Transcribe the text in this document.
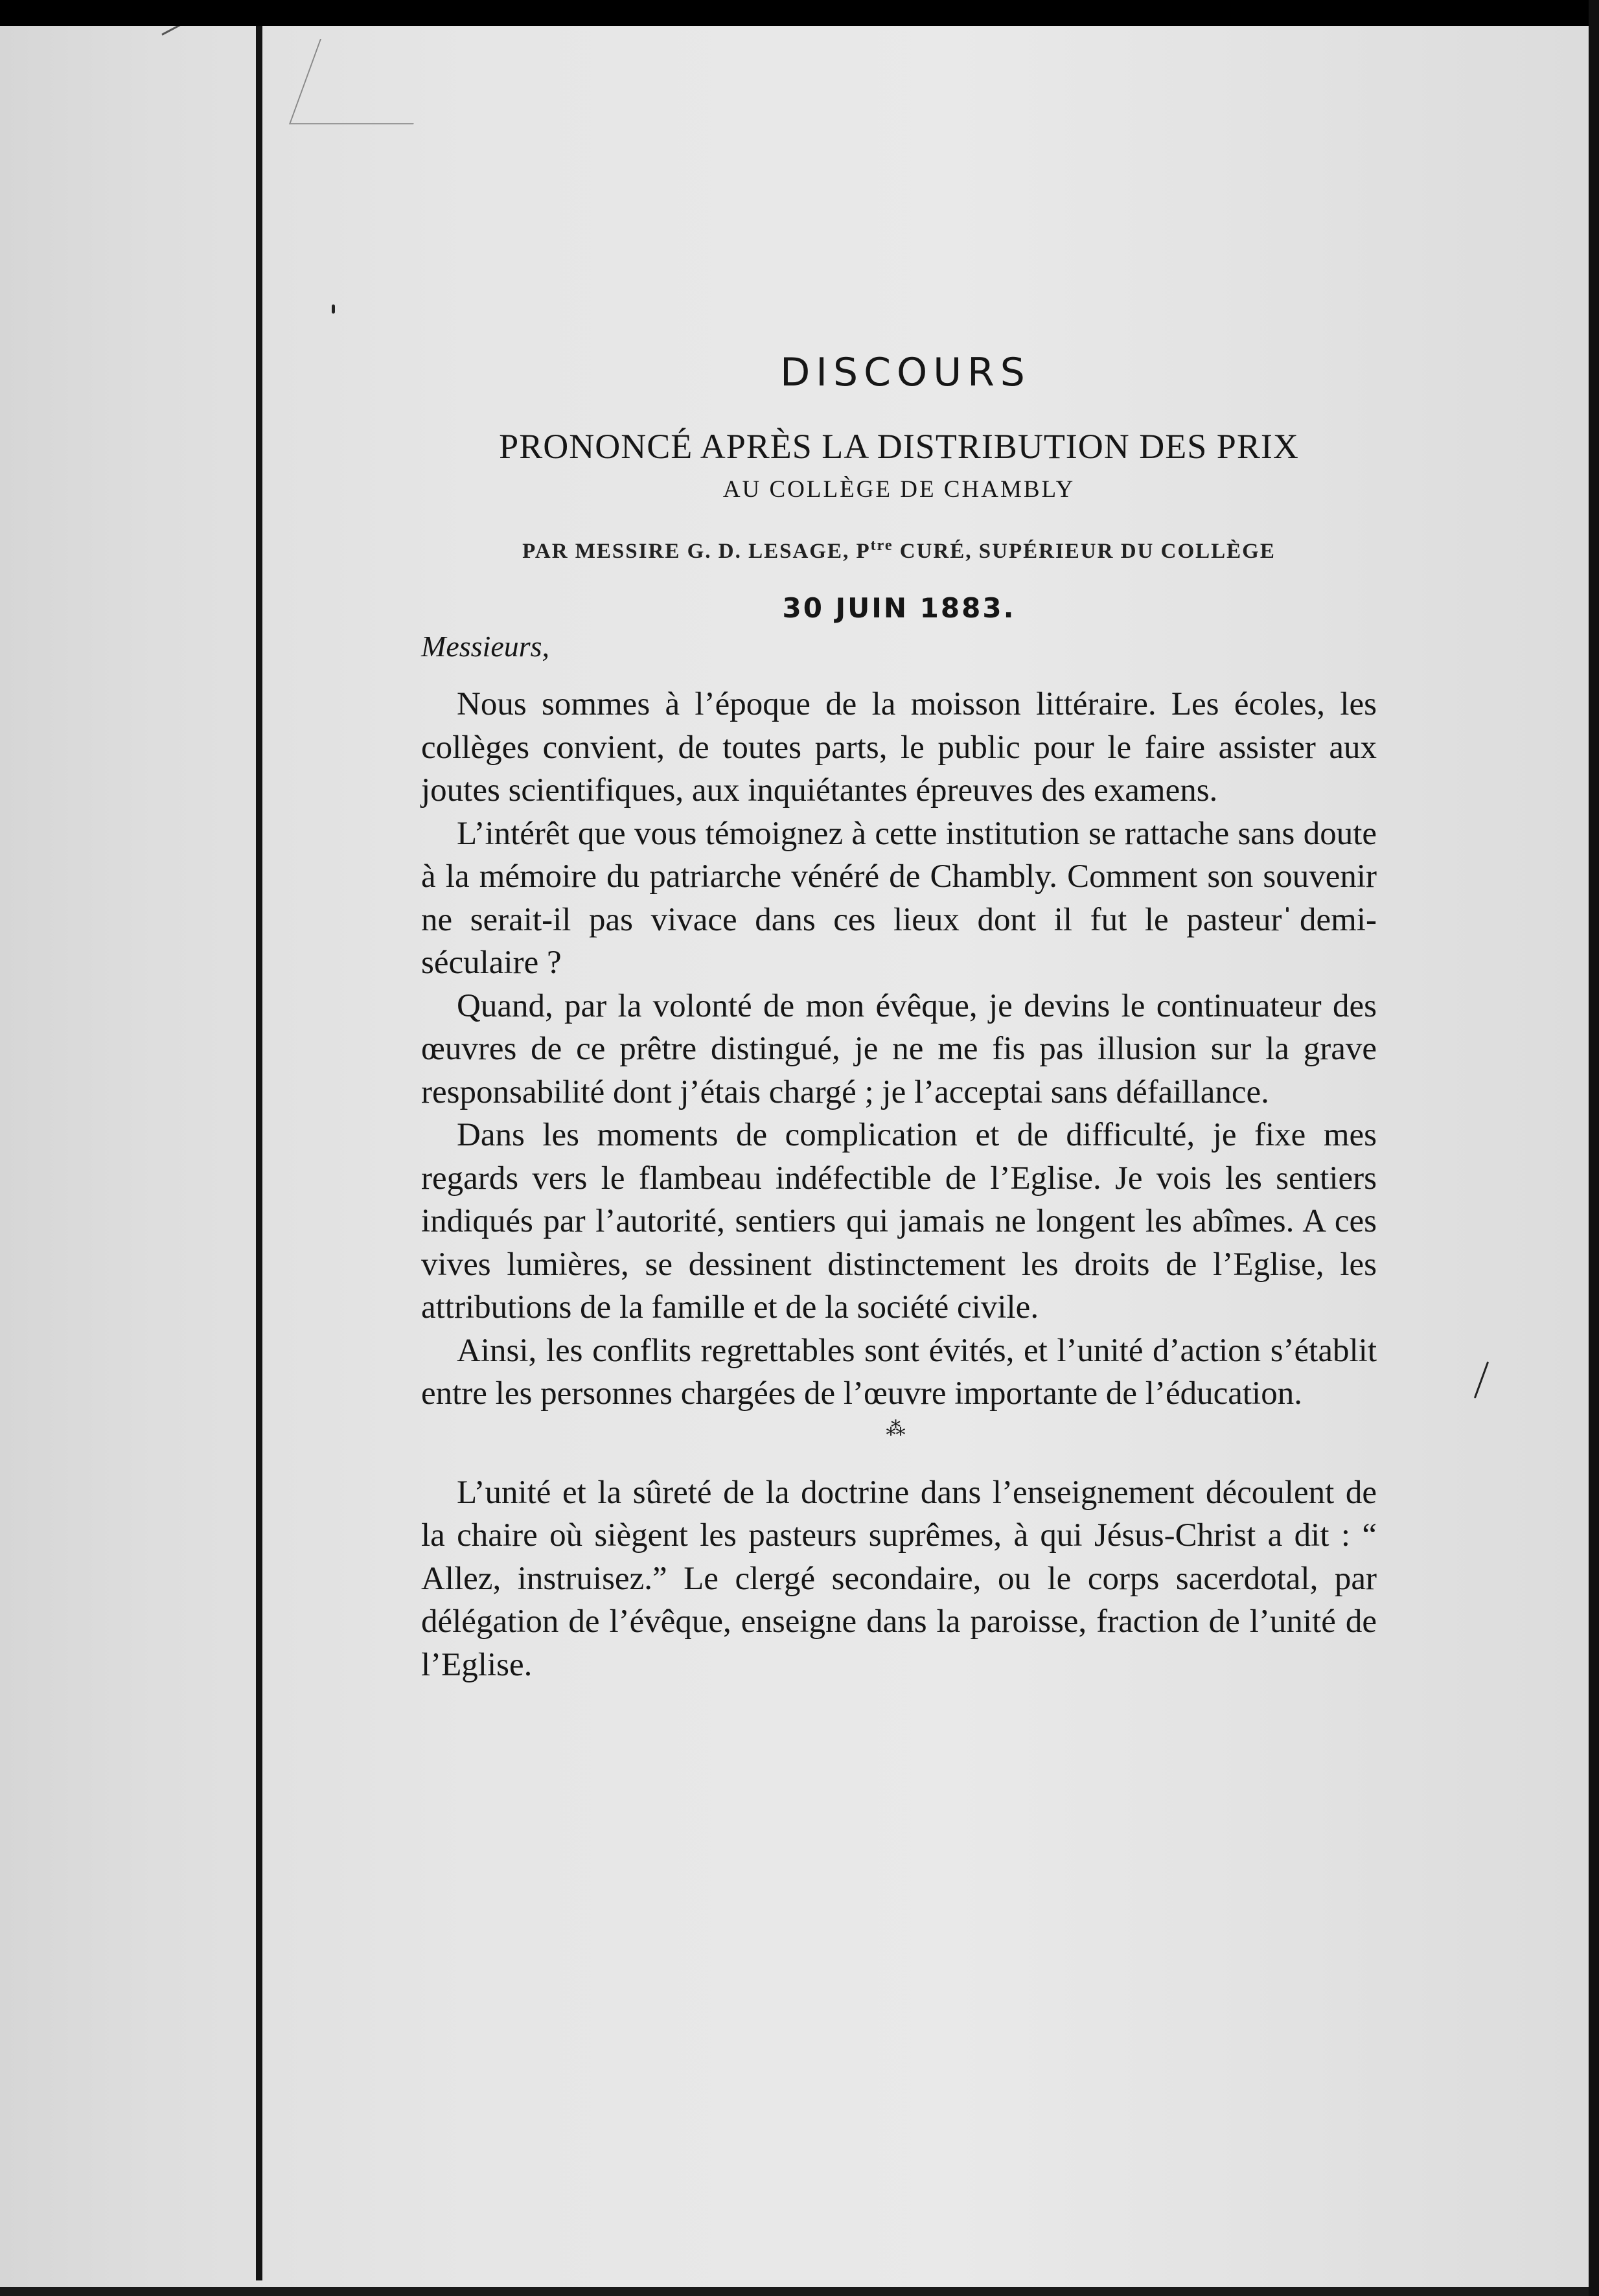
DISCOURS
PRONONCÉ APRÈS LA DISTRIBUTION DES PRIX
AU COLLÈGE DE CHAMBLY
PAR MESSIRE G. D. LESAGE, $P^{tre}$ CURÉ, SUPÉRIEUR DU COLLÈGE
30 JUIN 1883.
Messieurs,

Nous sommes à l’époque de la moisson littéraire. Les écoles, les collèges convient, de toutes parts, le public pour le faire assister aux joutes scientifiques, aux inquiétantes épreuves des examens.

L’intérêt que vous témoignez à cette institution se rattache sans doute à la mémoire du patriarche vénéré de Chambly. Comment son souvenir ne serait-il pas vivace dans ces lieux dont il fut le pasteur demi-séculaire ?

Quand, par la volonté de mon évêque, je devins le continuateur des œuvres de ce prêtre distingué, je ne me fis pas illusion sur la grave responsabilité dont j’étais chargé ; je l’acceptai sans défaillance.

Dans les moments de complication et de difficulté, je fixe mes regards vers le flambeau indéfectible de l’Eglise. Je vois les sentiers indiqués par l’autorité, sentiers qui jamais ne longent les abîmes. A ces vives lumières, se dessinent distinctement les droits de l’Eglise, les attributions de la famille et de la société civile.

Ainsi, les conflits regrettables sont évités, et l’unité d’action s’établit entre les personnes chargées de l’œuvre importante de l’éducation.

⁂

L’unité et la sûreté de la doctrine dans l’enseignement découlent de la chaire où siègent les pasteurs suprêmes, à qui Jésus-Christ a dit : “ Allez, instruisez.” Le clergé secondaire, ou le corps sacerdotal, par délégation de l’évêque, enseigne dans la paroisse, fraction de l’unité de l’Eglise.
